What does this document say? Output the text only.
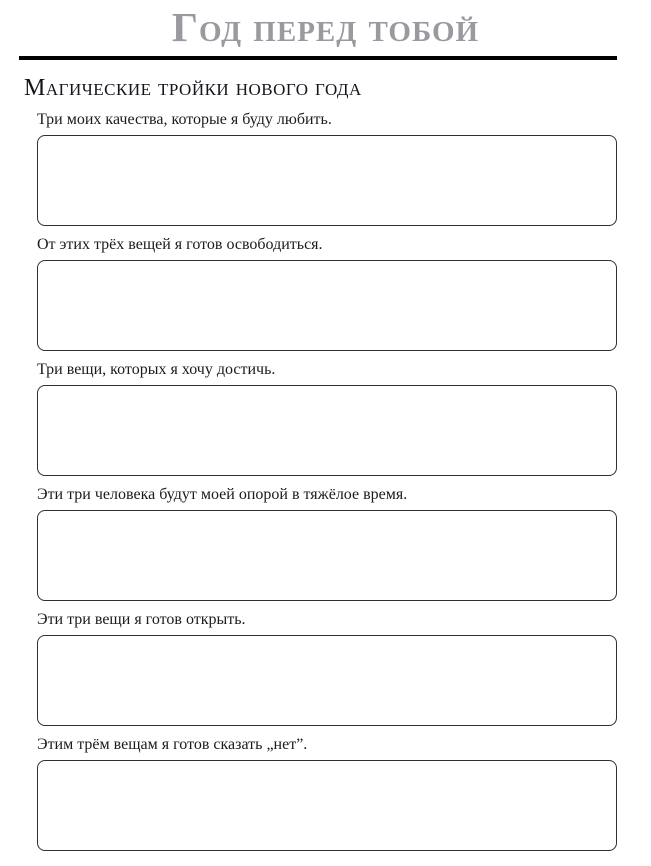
Год перед тобой
Магические тройки нового года

Три моих качества, которые я буду любить.

От этих трёх вещей я готов освободиться.

Три вещи, которых я хочу достичь.

Эти три человека будут моей опорой в тяжёлое время.

Эти три вещи я готов открыть.

Этим трём вещам я готов сказать „нет”.
